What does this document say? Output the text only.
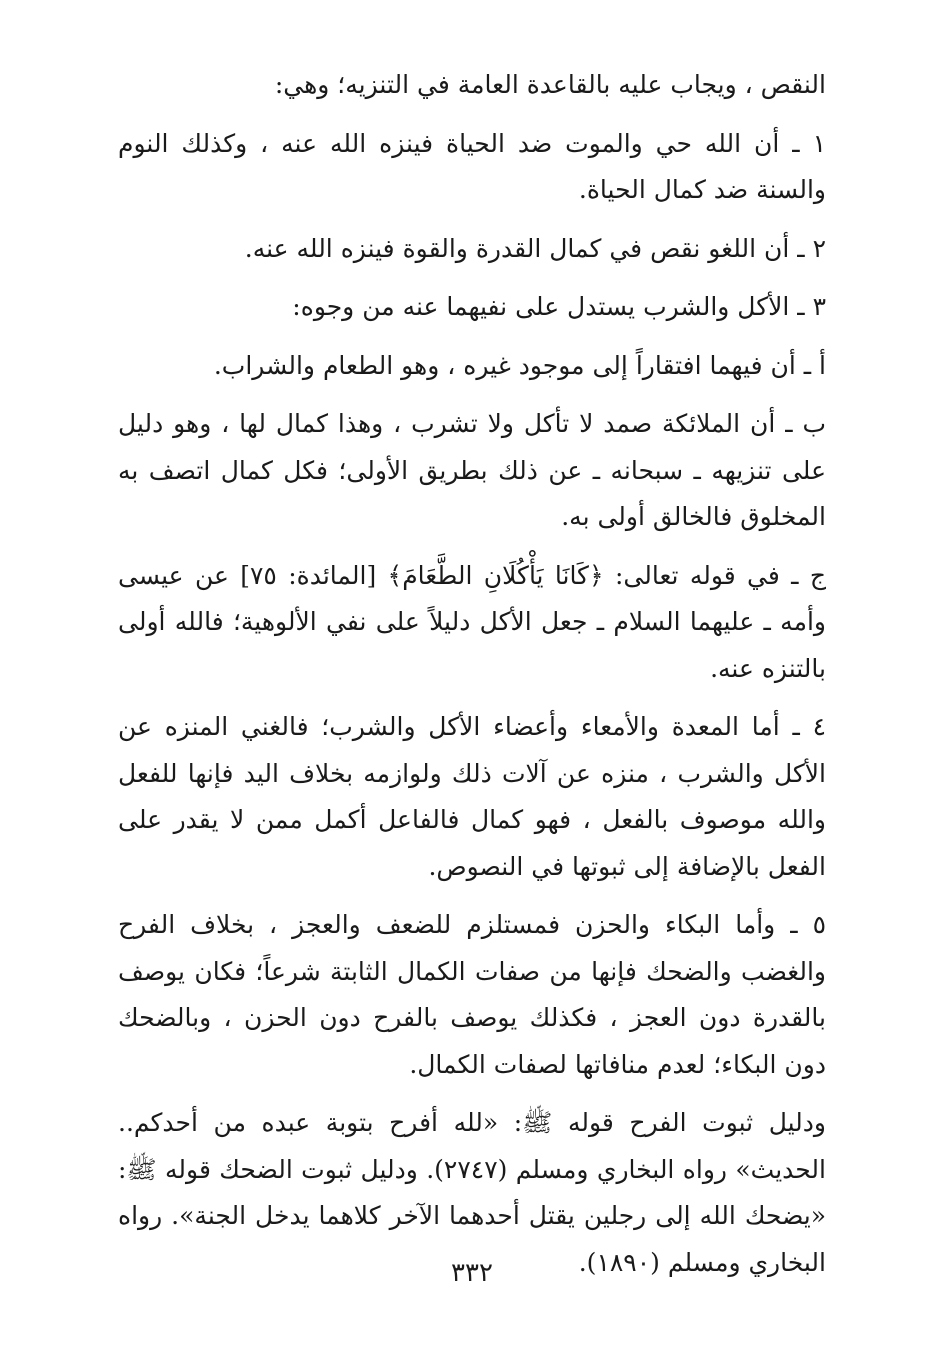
النقص ، ويجاب عليه بالقاعدة العامة في التنزيه؛ وهي:

١ ـ أن الله حي والموت ضد الحياة فينزه الله عنه ، وكذلك النوم والسنة ضد كمال الحياة.

٢ ـ أن اللغو نقص في كمال القدرة والقوة فينزه الله عنه.

٣ ـ الأكل والشرب يستدل على نفيهما عنه من وجوه:

أ ـ أن فيهما افتقاراً إلى موجود غيره ، وهو الطعام والشراب.

ب ـ أن الملائكة صمد لا تأكل ولا تشرب ، وهذا كمال لها ، وهو دليل على تنزيهه ـ سبحانه ـ عن ذلك بطريق الأولى؛ فكل كمال اتصف به المخلوق فالخالق أولى به.

ج ـ في قوله تعالى: ﴿كَانَا يَأْكُلَانِ الطَّعَامَ﴾ [المائدة: ٧٥] عن عيسى وأمه ـ عليهما السلام ـ جعل الأكل دليلاً على نفي الألوهية؛ فالله أولى بالتنزه عنه.

٤ ـ أما المعدة والأمعاء وأعضاء الأكل والشرب؛ فالغني المنزه عن الأكل والشرب ، منزه عن آلات ذلك ولوازمه بخلاف اليد فإنها للفعل والله موصوف بالفعل ، فهو كمال فالفاعل أكمل ممن لا يقدر على الفعل بالإضافة إلى ثبوتها في النصوص.

٥ ـ وأما البكاء والحزن فمستلزم للضعف والعجز ، بخلاف الفرح والغضب والضحك فإنها من صفات الكمال الثابتة شرعاً؛ فكان يوصف بالقدرة دون العجز ، فكذلك يوصف بالفرح دون الحزن ، وبالضحك دون البكاء؛ لعدم منافاتها لصفات الكمال.

ودليل ثبوت الفرح قوله ﷺ: «لله أفرح بتوبة عبده من أحدكم.. الحديث» رواه البخاري ومسلم (٢٧٤٧). ودليل ثبوت الضحك قوله ﷺ: «يضحك الله إلى رجلين يقتل أحدهما الآخر كلاهما يدخل الجنة». رواه البخاري ومسلم (١٨٩٠).

٣٣٢
